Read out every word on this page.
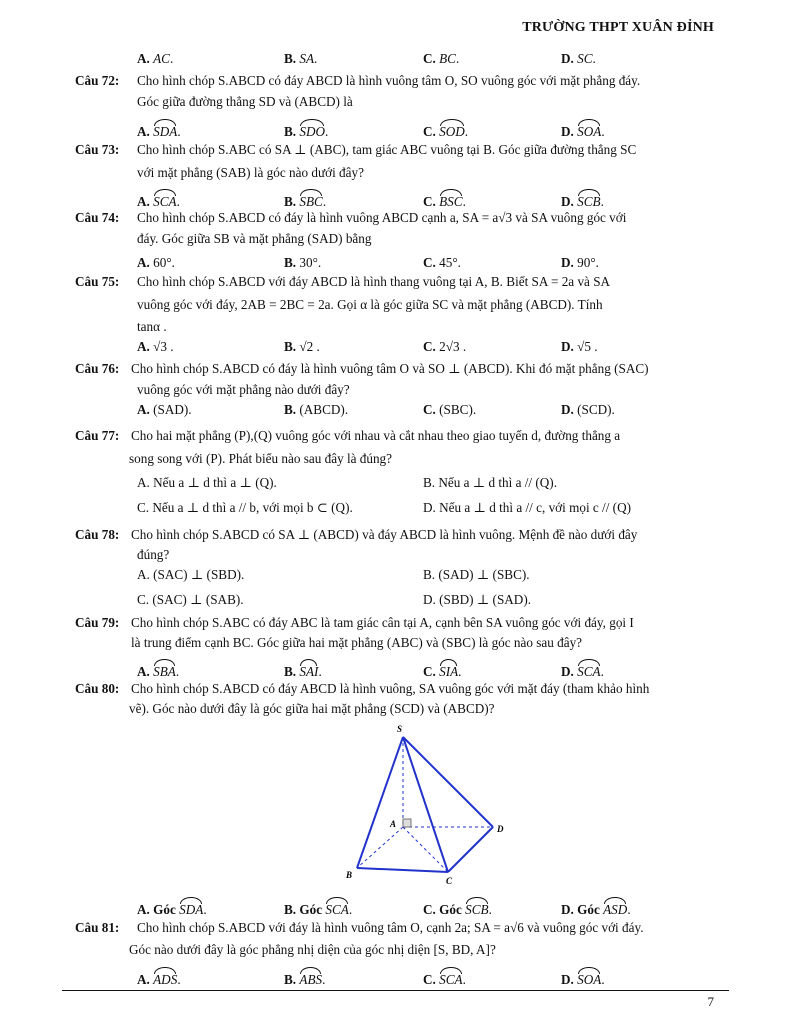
TRƯỜNG THPT XUÂN ĐỈNH
A. AC.	B. SA.	C. BC.	D. SC.
Câu 72: Cho hình chóp S.ABCD có đáy ABCD là hình vuông tâm O, SO vuông góc với mặt phẳng đáy.
Góc giữa đường thẳng SD và (ABCD) là
A. SDA.	B. SDO.	C. SOD.	D. SOA.
Câu 73: Cho hình chóp S.ABC có SA ⊥ (ABC), tam giác ABC vuông tại B. Góc giữa đường thẳng SC
với mặt phẳng (SAB) là góc nào dưới đây?
A. SCA.	B. SBC.	C. BSC.	D. SCB.
Câu 74: Cho hình chóp S.ABCD có đáy là hình vuông ABCD cạnh a, SA = a√3 và SA vuông góc với
đáy. Góc giữa SB và mặt phẳng (SAD) bằng
A. 60°.	B. 30°.	C. 45°.	D. 90°.
Câu 75: Cho hình chóp S.ABCD với đáy ABCD là hình thang vuông tại A, B. Biết SA = 2a và SA
vuông góc với đáy, 2AB = 2BC = 2a. Gọi α là góc giữa SC và mặt phẳng (ABCD). Tính
tanα .
A. √3 .	B. √2 .	C. 2√3 .	D. √5 .
Câu 76: Cho hình chóp S.ABCD có đáy là hình vuông tâm O và SO ⊥ (ABCD). Khi đó mặt phẳng (SAC)
vuông góc với mặt phẳng nào dưới đây?
A. (SAD).	B. (ABCD).	C. (SBC).	D. (SCD).
Câu 77: Cho hai mặt phẳng (P),(Q) vuông góc với nhau và cắt nhau theo giao tuyến d, đường thẳng a
song song với (P). Phát biểu nào sau đây là đúng?
A. Nếu a ⊥ d thì a ⊥ (Q).	B. Nếu a ⊥ d thì a // (Q).
C. Nếu a ⊥ d thì a // b, với mọi b ⊂ (Q).	D. Nếu a ⊥ d thì a // c, với mọi c // (Q)
Câu 78: Cho hình chóp S.ABCD có SA ⊥ (ABCD) và đáy ABCD là hình vuông. Mệnh đề nào dưới đây
đúng?
A. (SAC) ⊥ (SBD).	B. (SAD) ⊥ (SBC).
C. (SAC) ⊥ (SAB).	D. (SBD) ⊥ (SAD).
Câu 79: Cho hình chóp S.ABC có đáy ABC là tam giác cân tại A, cạnh bên SA vuông góc với đáy, gọi I
là trung điểm cạnh BC. Góc giữa hai mặt phẳng (ABC) và (SBC) là góc nào sau đây?
A. SBA.	B. SAI.	C. SIA.	D. SCA.
Câu 80: Cho hình chóp S.ABCD có đáy ABCD là hình vuông, SA vuông góc với mặt đáy (tham khảo hình
vẽ). Góc nào dưới đây là góc giữa hai mặt phẳng (SCD) và (ABCD)?
S
A
B
C
D
A. Góc SDA.	B. Góc SCA.	C. Góc SCB.	D. Góc ASD.
Câu 81: Cho hình chóp S.ABCD với đáy là hình vuông tâm O, cạnh 2a; SA = a√6 và vuông góc với đáy.
Góc nào dưới đây là góc phẳng nhị diện của góc nhị diện [S, BD, A]?
A. ADS.	B. ABS.	C. SCA.	D. SOA.
7
